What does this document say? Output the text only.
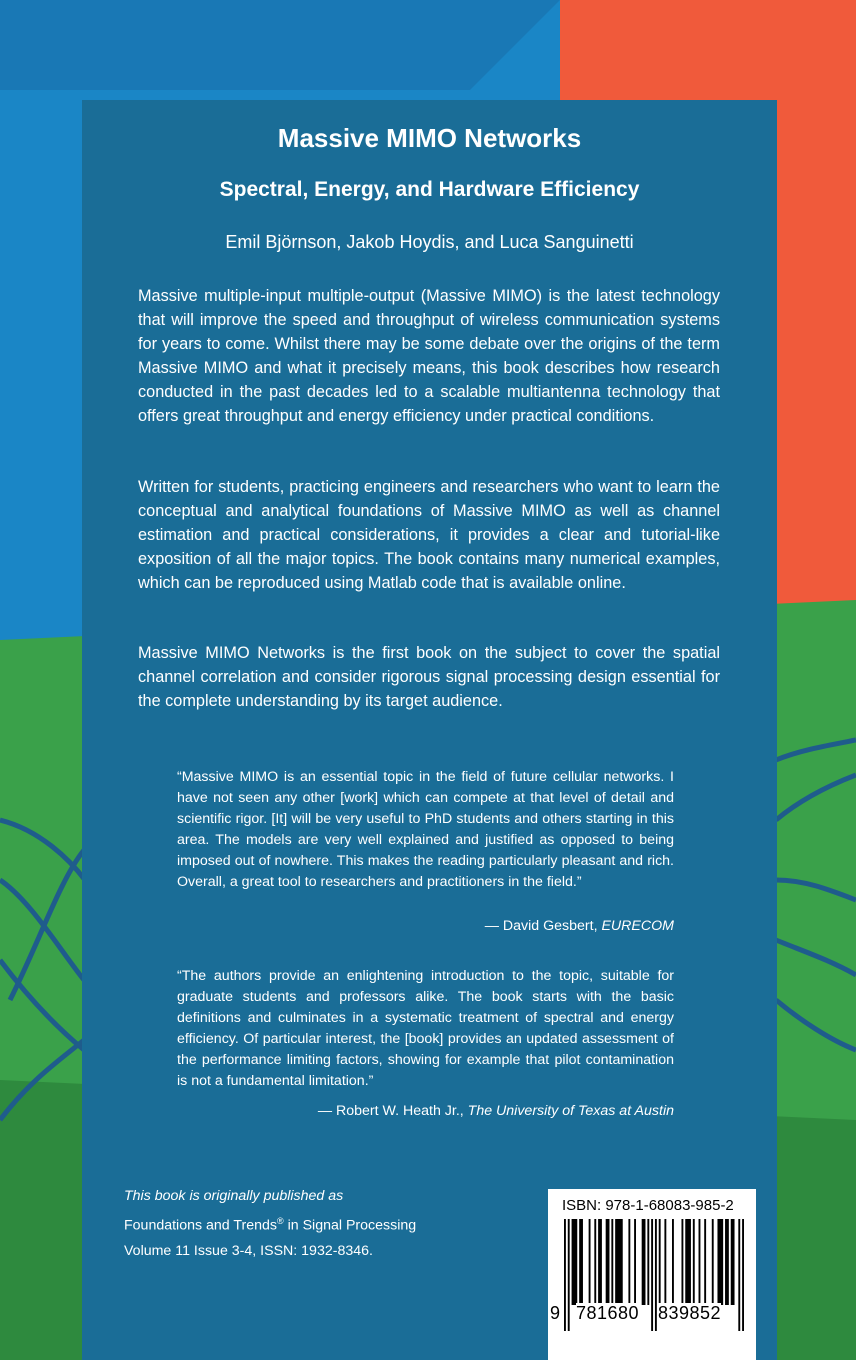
Massive MIMO Networks
Spectral, Energy, and Hardware Efficiency
Emil Björnson, Jakob Hoydis, and Luca Sanguinetti

Massive multiple-input multiple-output (Massive MIMO) is the latest technology that will improve the speed and throughput of wireless communication systems for years to come. Whilst there may be some debate over the origins of the term Massive MIMO and what it precisely means, this book describes how research conducted in the past decades led to a scalable multiantenna technology that offers great throughput and energy efficiency under practical conditions.

Written for students, practicing engineers and researchers who want to learn the conceptual and analytical foundations of Massive MIMO as well as channel estimation and practical considerations, it provides a clear and tutorial-like exposition of all the major topics. The book contains many numerical examples, which can be reproduced using Matlab code that is available online.

Massive MIMO Networks is the first book on the subject to cover the spatial channel correlation and consider rigorous signal processing design essential for the complete understanding by its target audience.

“Massive MIMO is an essential topic in the field of future cellular networks. I have not seen any other [work] which can compete at that level of detail and scientific rigor. [It] will be very useful to PhD students and others starting in this area. The models are very well explained and justified as opposed to being imposed out of nowhere. This makes the reading particularly pleasant and rich. Overall, a great tool to researchers and practitioners in the field.”

— David Gesbert, EURECOM

“The authors provide an enlightening introduction to the topic, suitable for graduate students and professors alike. The book starts with the basic definitions and culminates in a systematic treatment of spectral and energy efficiency. Of particular interest, the [book] provides an updated assessment of the performance limiting factors, showing for example that pilot contamination is not a fundamental limitation.”

— Robert W. Heath Jr., The University of Texas at Austin
This book is originally published as
Foundations and Trends® in Signal Processing
Volume 11 Issue 3-4, ISSN: 1932-8346.
ISBN: 978-1-68083-985-2
9 781680 839852
